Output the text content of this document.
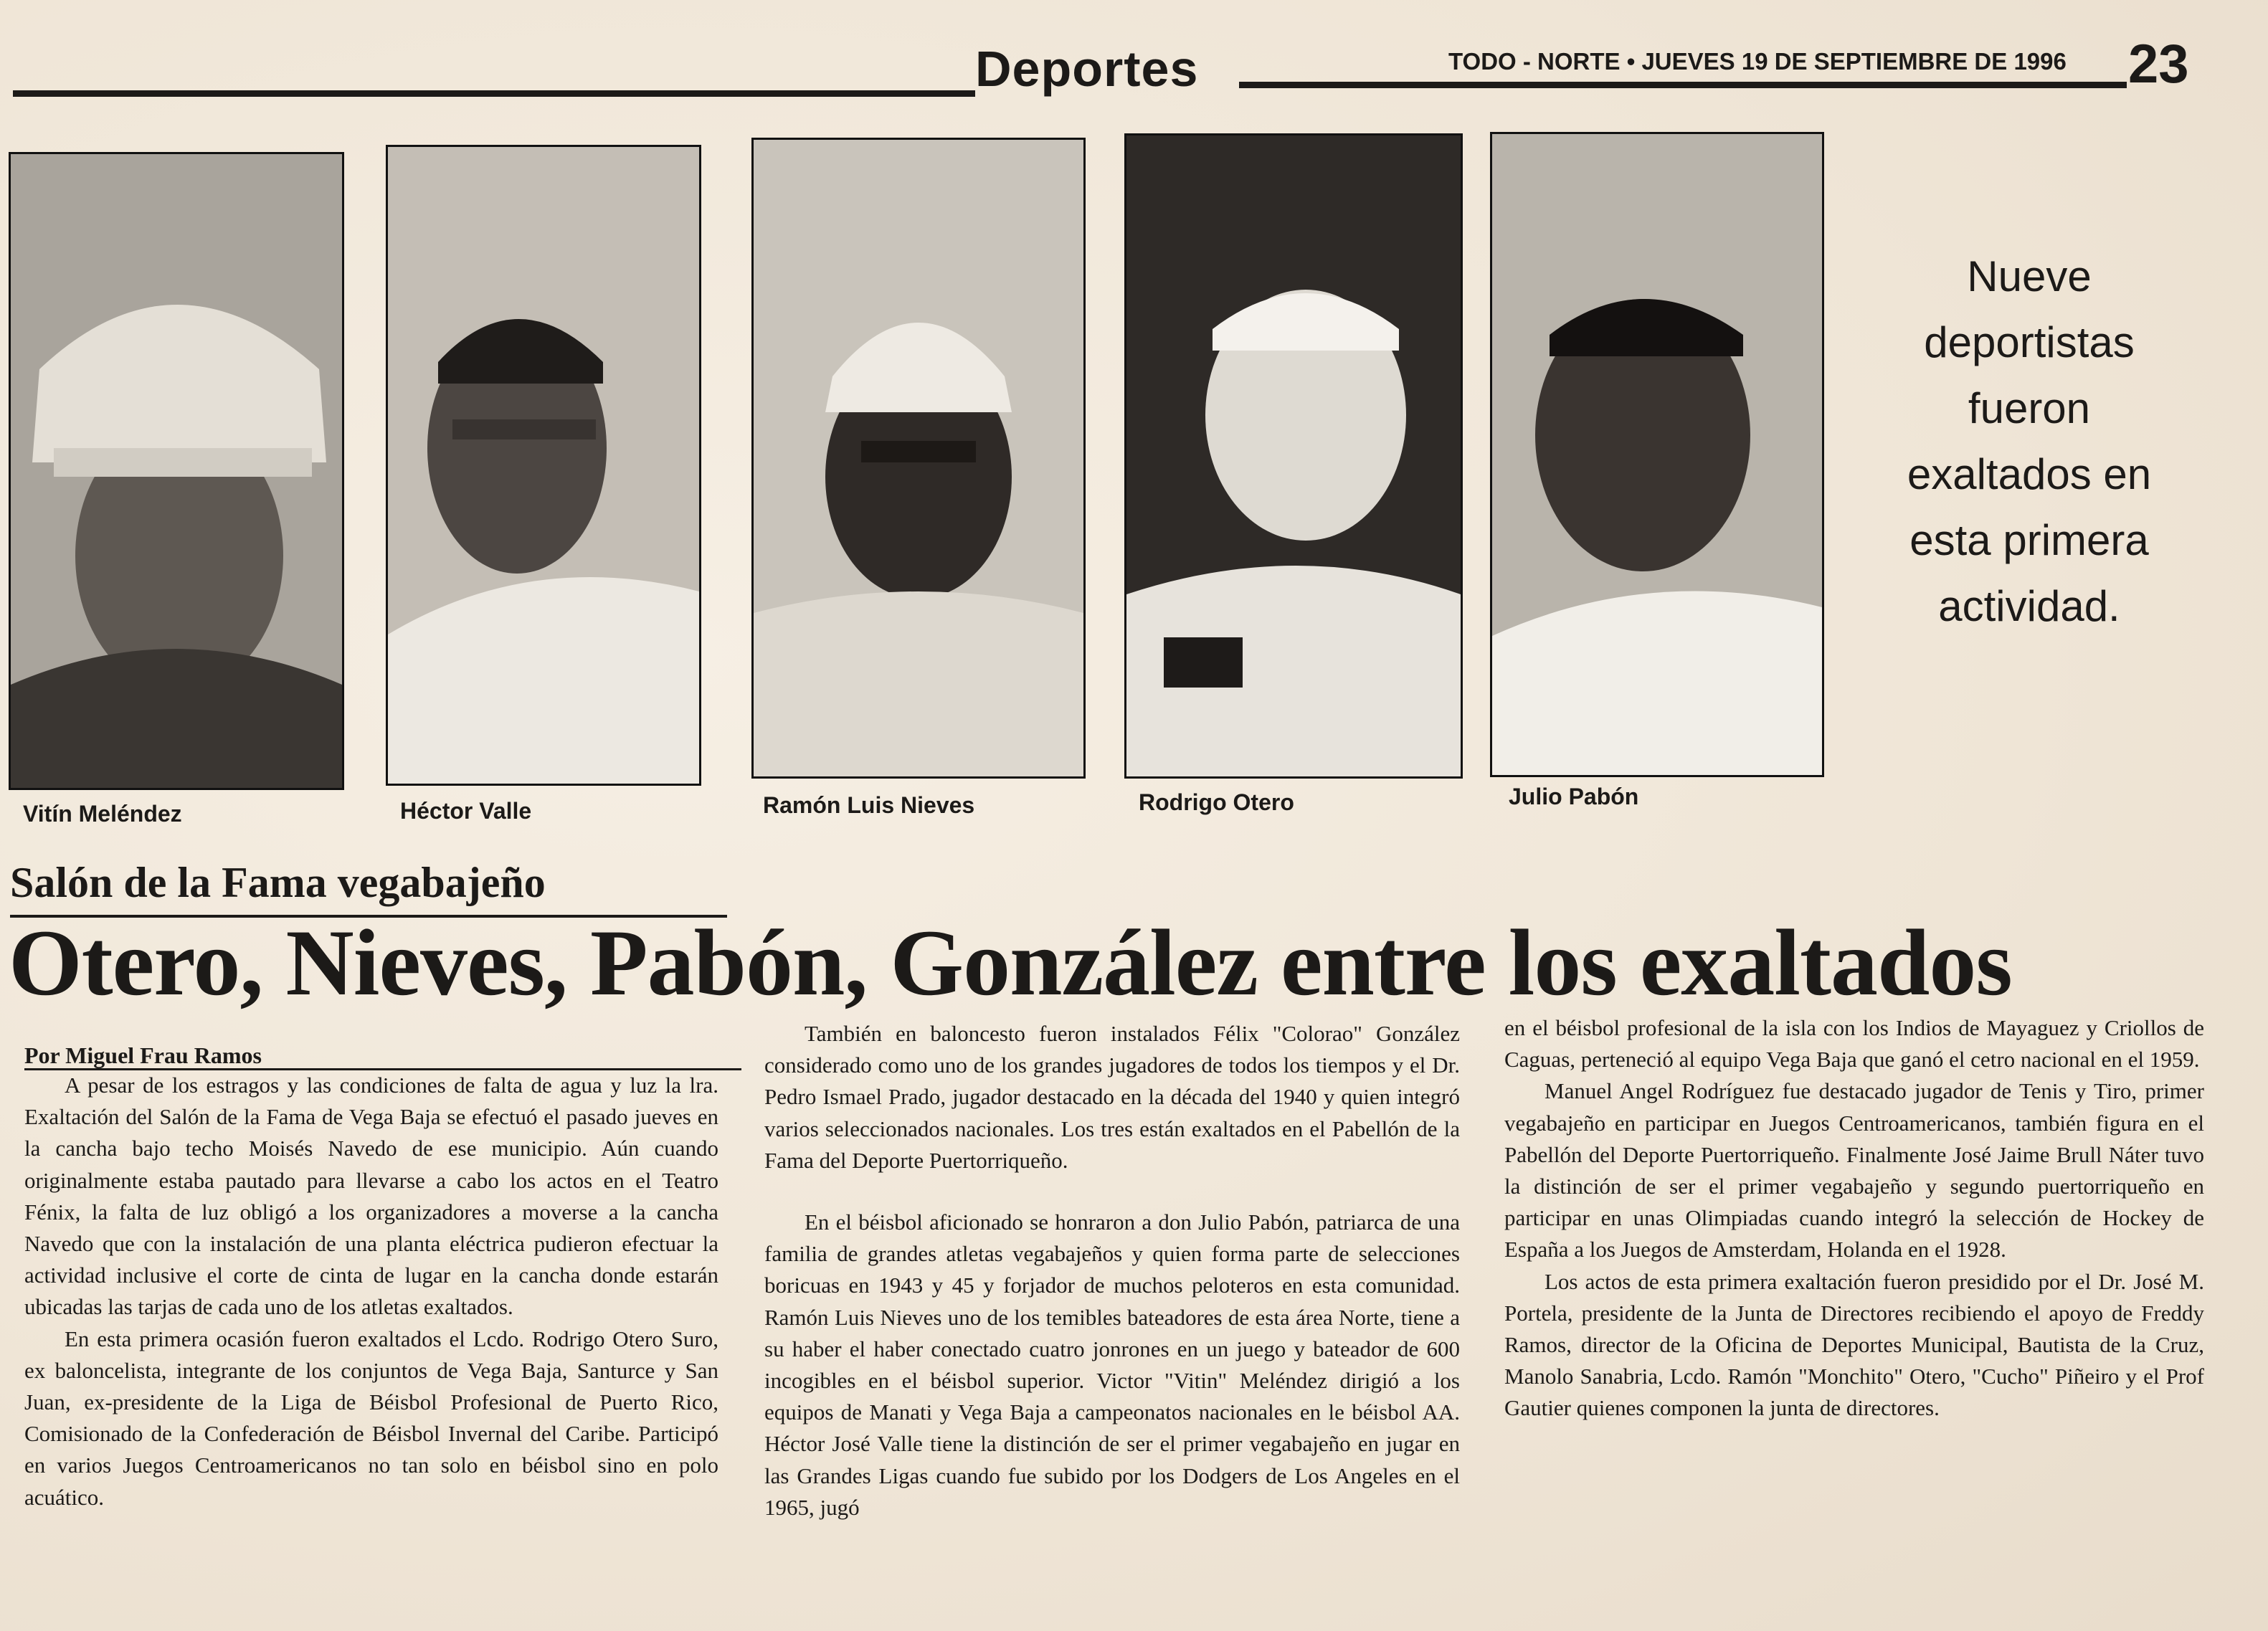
Deportes	TODO - NORTE • JUEVES 19 DE SEPTIEMBRE DE 1996	23
Vitín Meléndez	Héctor Valle	Ramón Luis Nieves	Rodrigo Otero	Julio Pabón
Nueve
deportistas
fueron
exaltados en
esta primera
actividad.
Salón de la Fama vegabajeño
Otero, Nieves, Pabón, González entre los exaltados
Por Miguel Frau Ramos

A pesar de los estragos y las condiciones de falta de agua y luz la lra. Exaltación del Salón de la Fama de Vega Baja se efectuó el pasado jueves en la cancha bajo techo Moisés Navedo de ese municipio. Aún cuando originalmente estaba pautado para llevarse a cabo los actos en el Teatro Fénix, la falta de luz obligó a los organizadores a moverse a la cancha Navedo que con la instalación de una planta eléctrica pudieron efectuar la actividad inclusive el corte de cinta de lugar en la cancha donde estarán ubicadas las tarjas de cada uno de los atletas exaltados.

En esta primera ocasión fueron exaltados el Lcdo. Rodrigo Otero Suro, ex baloncelista, integrante de los conjuntos de Vega Baja, Santurce y San Juan, ex-presidente de la Liga de Béisbol Profesional de Puerto Rico, Comisionado de la Confederación de Béisbol Invernal del Caribe. Participó en varios Juegos Centroamericanos no tan solo en béisbol sino en polo acuático.

También en baloncesto fueron instalados Félix "Colorao" González considerado como uno de los grandes jugadores de todos los tiempos y el Dr. Pedro Ismael Prado, jugador destacado en la década del 1940 y quien integró varios seleccionados nacionales. Los tres están exaltados en el Pabellón de la Fama del Deporte Puertorriqueño.

En el béisbol aficionado se honraron a don Julio Pabón, patriarca de una familia de grandes atletas vegabajeños y quien forma parte de selecciones boricuas en 1943 y 45 y forjador de muchos peloteros en esta comunidad. Ramón Luis Nieves uno de los temibles bateadores de esta área Norte, tiene a su haber el haber conectado cuatro jonrones en un juego y bateador de 600 incogibles en el béisbol superior. Victor "Vitin" Meléndez dirigió a los equipos de Manati y Vega Baja a campeonatos nacionales en le béisbol AA. Héctor José Valle tiene la distinción de ser el primer vegabajeño en jugar en las Grandes Ligas cuando fue subido por los Dodgers de Los Angeles en el 1965, jugó

en el béisbol profesional de la isla con los Indios de Mayaguez y Criollos de Caguas, perteneció al equipo Vega Baja que ganó el cetro nacional en el 1959.

Manuel Angel Rodríguez fue destacado jugador de Tenis y Tiro, primer vegabajeño en participar en Juegos Centroamericanos, también figura en el Pabellón del Deporte Puertorriqueño. Finalmente José Jaime Brull Náter tuvo la distinción de ser el primer vegabajeño y segundo puertorriqueño en participar en unas Olimpiadas cuando integró la selección de Hockey de España a los Juegos de Amsterdam, Holanda en el 1928.

Los actos de esta primera exaltación fueron presidido por el Dr. José M. Portela, presidente de la Junta de Directores recibiendo el apoyo de Freddy Ramos, director de la Oficina de Deportes Municipal, Bautista de la Cruz, Manolo Sanabria, Lcdo. Ramón "Monchito" Otero, "Cucho" Piñeiro y el Prof Gautier quienes componen la junta de directores.
